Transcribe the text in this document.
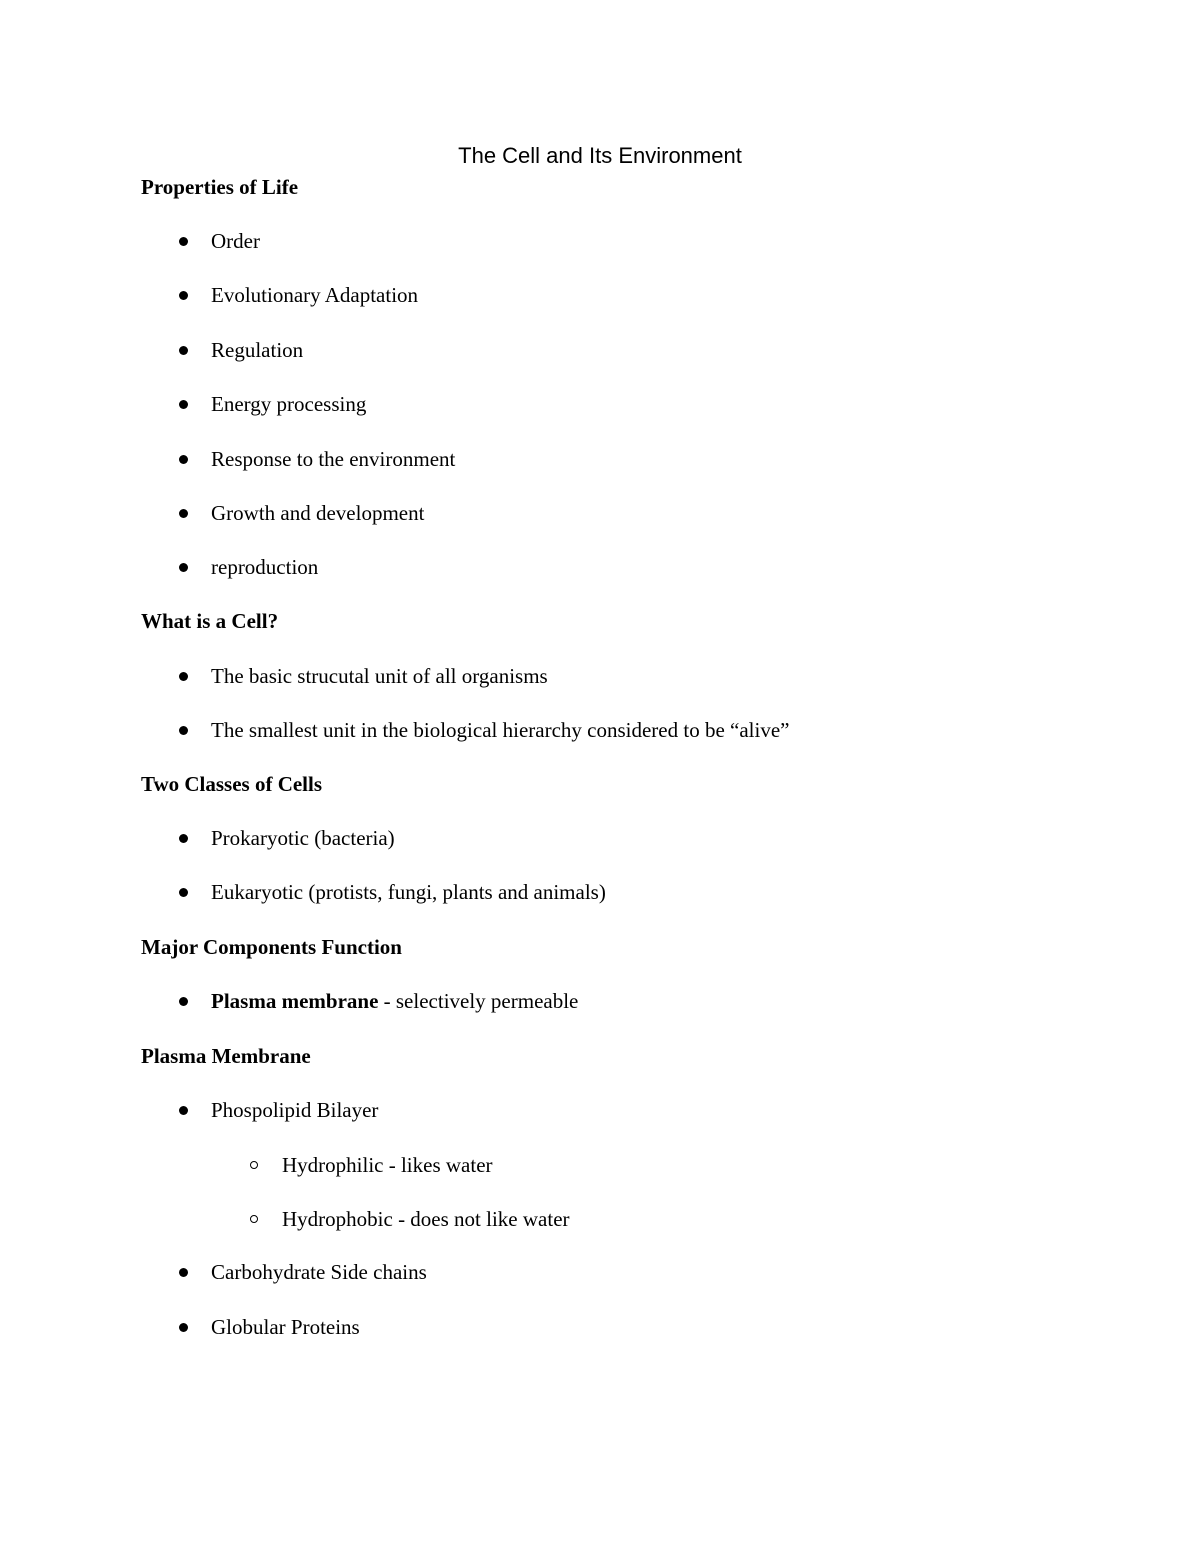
The Cell and Its Environment
Properties of Life
Order
Evolutionary Adaptation
Regulation
Energy processing
Response to the environment
Growth and development
reproduction
What is a Cell?
The basic strucutal unit of all organisms
The smallest unit in the biological hierarchy considered to be “alive”
Two Classes of Cells
Prokaryotic (bacteria)
Eukaryotic (protists, fungi, plants and animals)
Major Components Function
Plasma membrane - selectively permeable
Plasma Membrane
Phospolipid Bilayer
Hydrophilic - likes water
Hydrophobic - does not like water
Carbohydrate Side chains
Globular Proteins
